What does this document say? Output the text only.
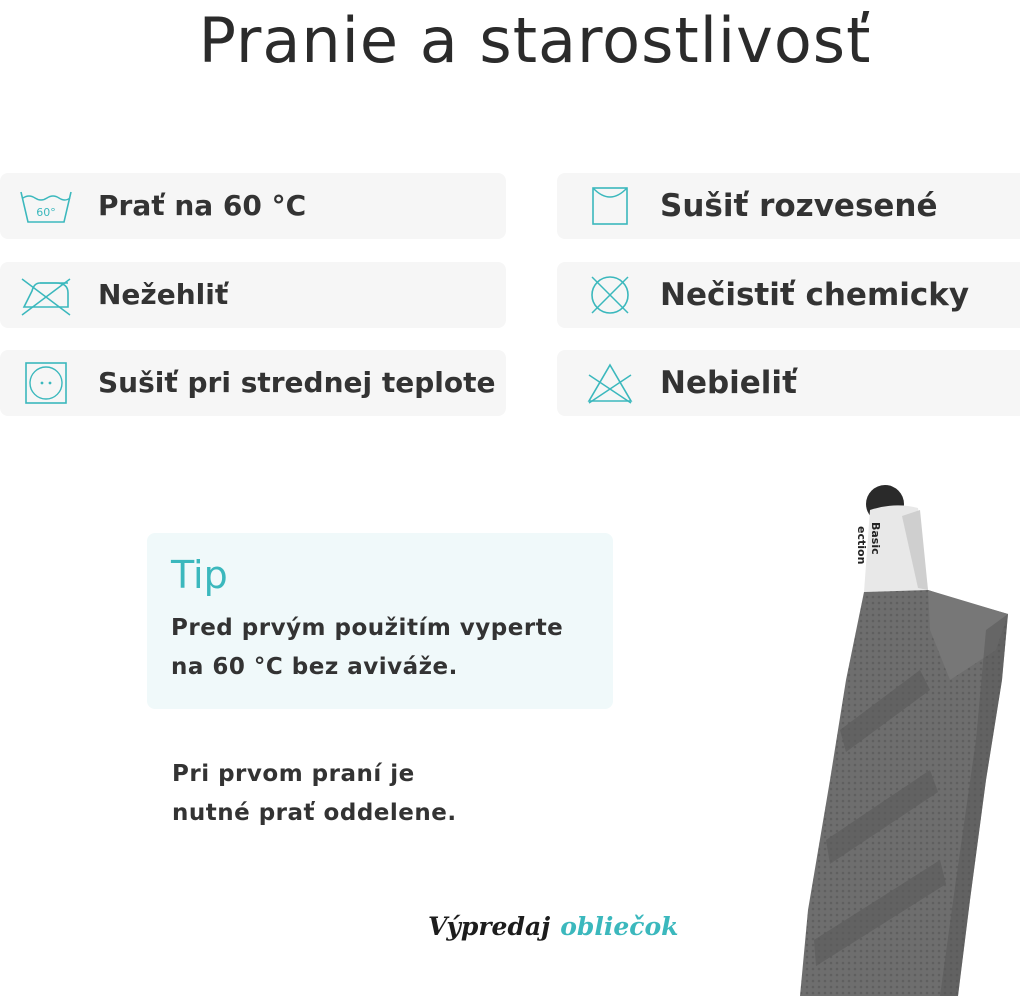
Pranie a starostlivosť
60° Prať na 60 °C	Sušiť rozvesené
Nežehliť	Nečistiť chemicky
Sušiť pri strednej teplote	Nebieliť
Tip
Pred prvým použitím vyperte
na 60 °C bez aviváže.
Pri prvom praní je
nutné prať oddelene.
Výpredaj obliečok
Basic
ection
